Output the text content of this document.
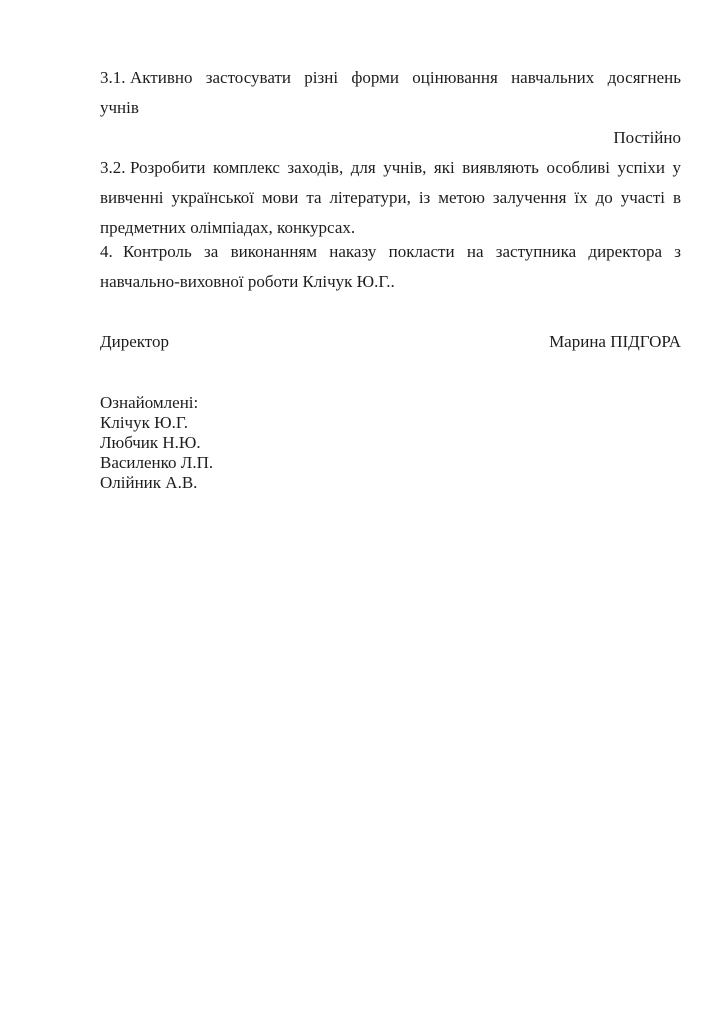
3.1. Активно застосувати різні форми оцінювання навчальних досягнень
учнів
Постійно
3.2. Розробити комплекс заходів, для учнів, які виявляють особливі успіхи у
вивченні української мови та літератури, із метою залучення їх до участі в
предметних олімпіадах, конкурсах.
4. Контроль за виконанням наказу покласти на заступника директора з
навчально-виховної роботи Клічук Ю.Г..
Директор	Марина ПІДГОРА
Ознайомлені:
Клічук Ю.Г.
Любчик Н.Ю.
Василенко Л.П.
Олійник А.В.
